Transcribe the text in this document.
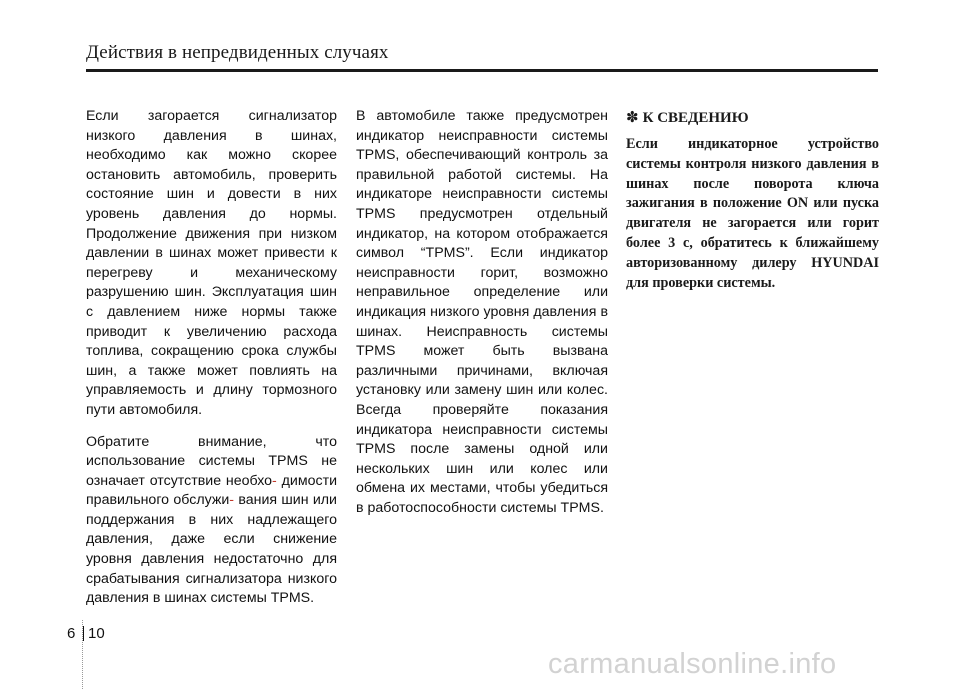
Действия в непредвиденных случаях

Если загорается сигнализатор низкого давления в шинах, необходимо как можно скорее остановить автомобиль, проверить состояние шин и довести в них уровень давления до нормы. Продолжение движения при низком давлении в шинах может привести к перегреву и механическому разрушению шин. Эксплуатация шин с давлением ниже нормы также приводит к увеличению расхода топлива, сокращению срока службы шин, а также может повлиять на управляемость и длину тормозного пути автомобиля.

Обратите внимание, что использование системы TPMS не означает отсутствие необхо- димости правильного обслужи- вания шин или поддержания в них надлежащего давления, даже если снижение уровня давления недостаточно для срабатывания сигнализатора низкого давления в шинах системы TPMS.

В автомобиле также предусмотрен индикатор неисправности системы TPMS, обеспечивающий контроль за правильной работой системы. На индикаторе неисправности системы TPMS предусмотрен отдельный индикатор, на котором отображается символ “TPMS”. Если индикатор неисправности горит, возможно неправильное определение или индикация низкого уровня давления в шинах. Неисправность системы TPMS может быть вызвана различными причинами, включая установку или замену шин или колес. Всегда проверяйте показания индикатора неисправности системы TPMS после замены одной или нескольких шин или колес или обмена их местами, чтобы убедиться в работоспособности системы TPMS.

✽ К СВЕДЕНИЮ

Если индикаторное устройство системы контроля низкого давления в шинах после поворота ключа зажигания в положение ON или пуска двигателя не загорается или горит более 3 с, обратитесь к ближайшему авторизованному дилеру HYUNDAI для проверки системы.

6 10
carmanualsonline.info
